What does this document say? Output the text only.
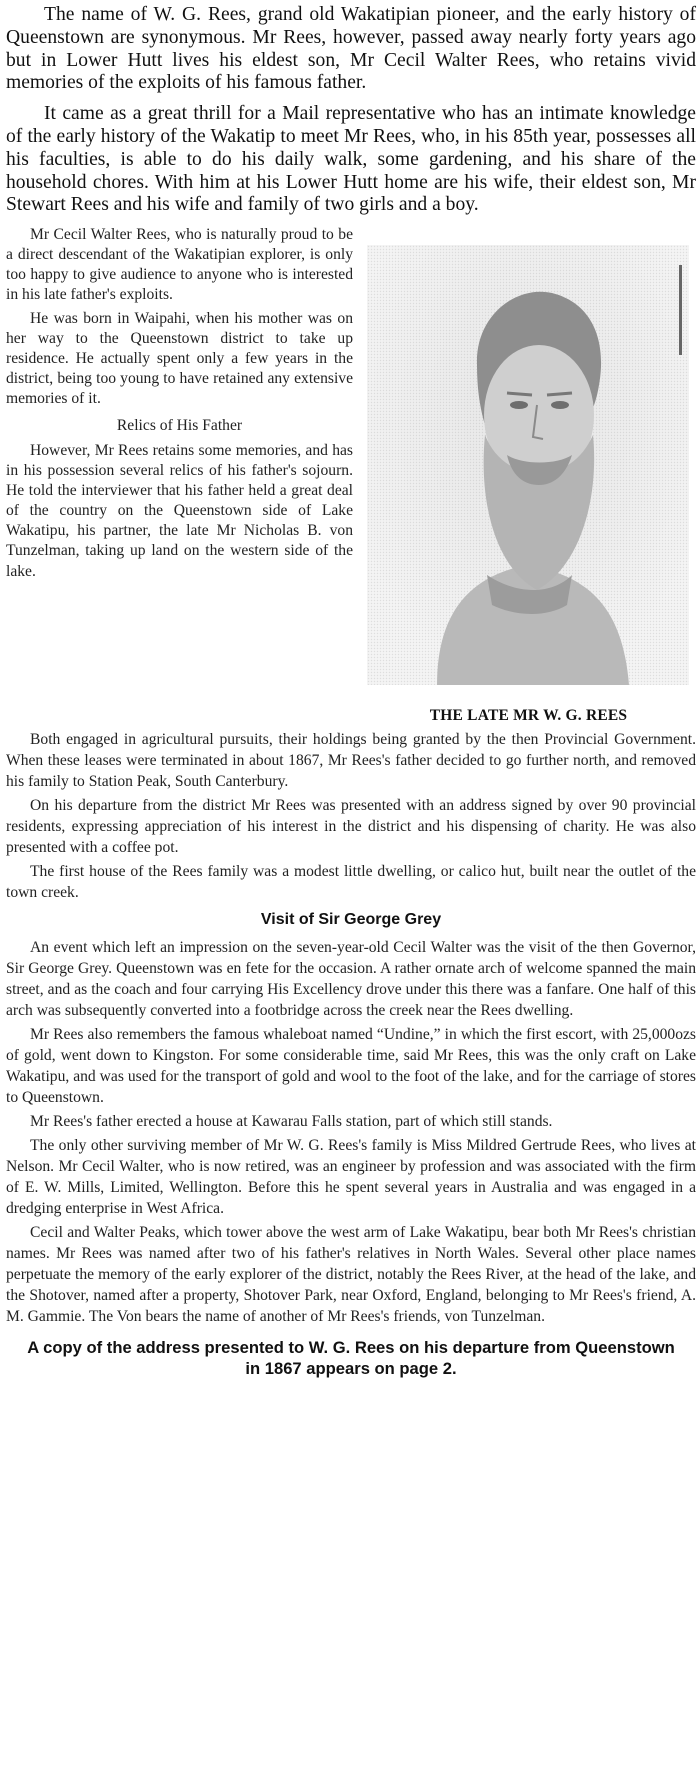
The name of W. G. Rees, grand old Wakatipian pioneer, and the early history of Queenstown are synonymous. Mr Rees, however, passed away nearly forty years ago but in Lower Hutt lives his eldest son, Mr Cecil Walter Rees, who retains vivid memories of the exploits of his famous father.

It came as a great thrill for a Mail representative who has an intimate knowledge of the early history of the Wakatip to meet Mr Rees, who, in his 85th year, possesses all his faculties, is able to do his daily walk, some gardening, and his share of the household chores. With him at his Lower Hutt home are his wife, their eldest son, Mr Stewart Rees and his wife and family of two girls and a boy.

Mr Cecil Walter Rees, who is naturally proud to be a direct descendant of the Wakatipian explorer, is only too happy to give audience to anyone who is interested in his late father's exploits.

He was born in Waipahi, when his mother was on her way to the Queenstown district to take up residence. He actually spent only a few years in the district, being too young to have retained any extensive memories of it.

Relics of His Father

However, Mr Rees retains some memories, and has in his possession several relics of his father's sojourn. He told the interviewer that his father held a great deal of the country on the Queenstown side of Lake Wakatipu, his partner, the late Mr Nicholas B. von Tunzelman, taking up land on the western side of the lake.

THE LATE MR W. G. REES

Both engaged in agricultural pursuits, their holdings being granted by the then Provincial Government. When these leases were terminated in about 1867, Mr Rees's father decided to go further north, and removed his family to Station Peak, South Canterbury.

On his departure from the district Mr Rees was presented with an address signed by over 90 provincial residents, expressing appreciation of his interest in the district and his dispensing of charity. He was also presented with a coffee pot.

The first house of the Rees family was a modest little dwelling, or calico hut, built near the outlet of the town creek.

Visit of Sir George Grey

An event which left an impression on the seven-year-old Cecil Walter was the visit of the then Governor, Sir George Grey. Queenstown was en fete for the occasion. A rather ornate arch of welcome spanned the main street, and as the coach and four carrying His Excellency drove under this there was a fanfare. One half of this arch was subsequently converted into a footbridge across the creek near the Rees dwelling.

Mr Rees also remembers the famous whaleboat named “Undine,” in which the first escort, with 25,000ozs of gold, went down to Kingston. For some considerable time, said Mr Rees, this was the only craft on Lake Wakatipu, and was used for the transport of gold and wool to the foot of the lake, and for the carriage of stores to Queenstown.

Mr Rees's father erected a house at Kawarau Falls station, part of which still stands.

The only other surviving member of Mr W. G. Rees's family is Miss Mildred Gertrude Rees, who lives at Nelson. Mr Cecil Walter, who is now retired, was an engineer by profession and was associated with the firm of E. W. Mills, Limited, Wellington. Before this he spent several years in Australia and was engaged in a dredging enterprise in West Africa.

Cecil and Walter Peaks, which tower above the west arm of Lake Wakatipu, bear both Mr Rees's christian names. Mr Rees was named after two of his father's relatives in North Wales. Several other place names perpetuate the memory of the early explorer of the district, notably the Rees River, at the head of the lake, and the Shotover, named after a property, Shotover Park, near Oxford, England, belonging to Mr Rees's friend, A. M. Gammie. The Von bears the name of another of Mr Rees's friends, von Tunzelman.

A copy of the address presented to W. G. Rees on his departure from Queenstown in 1867 appears on page 2.
